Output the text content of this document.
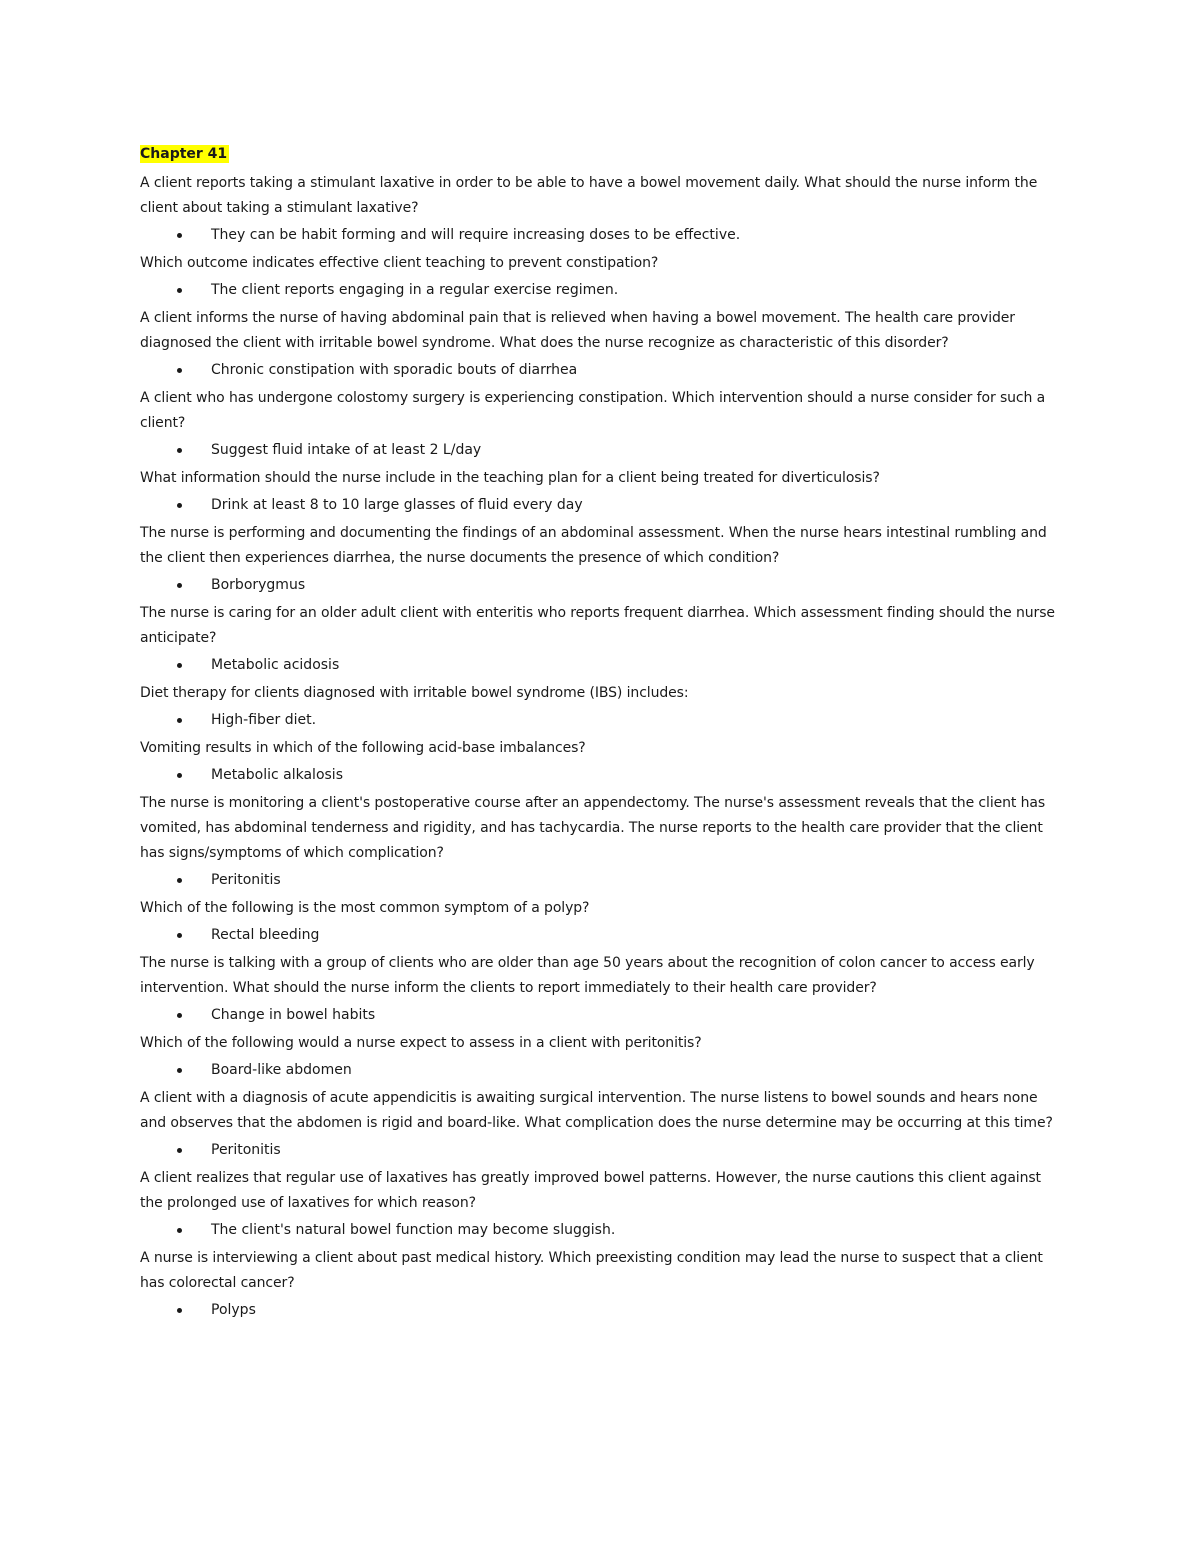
Chapter 41

A client reports taking a stimulant laxative in order to be able to have a bowel movement daily. What should the nurse inform the client about taking a stimulant laxative?

They can be habit forming and will require increasing doses to be effective.

Which outcome indicates effective client teaching to prevent constipation?

The client reports engaging in a regular exercise regimen.

A client informs the nurse of having abdominal pain that is relieved when having a bowel movement. The health care provider diagnosed the client with irritable bowel syndrome. What does the nurse recognize as characteristic of this disorder?

Chronic constipation with sporadic bouts of diarrhea

A client who has undergone colostomy surgery is experiencing constipation. Which intervention should a nurse consider for such a client?

Suggest fluid intake of at least 2 L/day

What information should the nurse include in the teaching plan for a client being treated for diverticulosis?

Drink at least 8 to 10 large glasses of fluid every day

The nurse is performing and documenting the findings of an abdominal assessment. When the nurse hears intestinal rumbling and the client then experiences diarrhea, the nurse documents the presence of which condition?

Borborygmus

The nurse is caring for an older adult client with enteritis who reports frequent diarrhea. Which assessment finding should the nurse anticipate?

Metabolic acidosis

Diet therapy for clients diagnosed with irritable bowel syndrome (IBS) includes:

High-fiber diet.

Vomiting results in which of the following acid-base imbalances?

Metabolic alkalosis

The nurse is monitoring a client's postoperative course after an appendectomy. The nurse's assessment reveals that the client has vomited, has abdominal tenderness and rigidity, and has tachycardia. The nurse reports to the health care provider that the client has signs/symptoms of which complication?

Peritonitis

Which of the following is the most common symptom of a polyp?

Rectal bleeding

The nurse is talking with a group of clients who are older than age 50 years about the recognition of colon cancer to access early intervention. What should the nurse inform the clients to report immediately to their health care provider?

Change in bowel habits

Which of the following would a nurse expect to assess in a client with peritonitis?

Board-like abdomen

A client with a diagnosis of acute appendicitis is awaiting surgical intervention. The nurse listens to bowel sounds and hears none and observes that the abdomen is rigid and board-like. What complication does the nurse determine may be occurring at this time?

Peritonitis

A client realizes that regular use of laxatives has greatly improved bowel patterns. However, the nurse cautions this client against the prolonged use of laxatives for which reason?

The client's natural bowel function may become sluggish.

A nurse is interviewing a client about past medical history. Which preexisting condition may lead the nurse to suspect that a client has colorectal cancer?

Polyps
